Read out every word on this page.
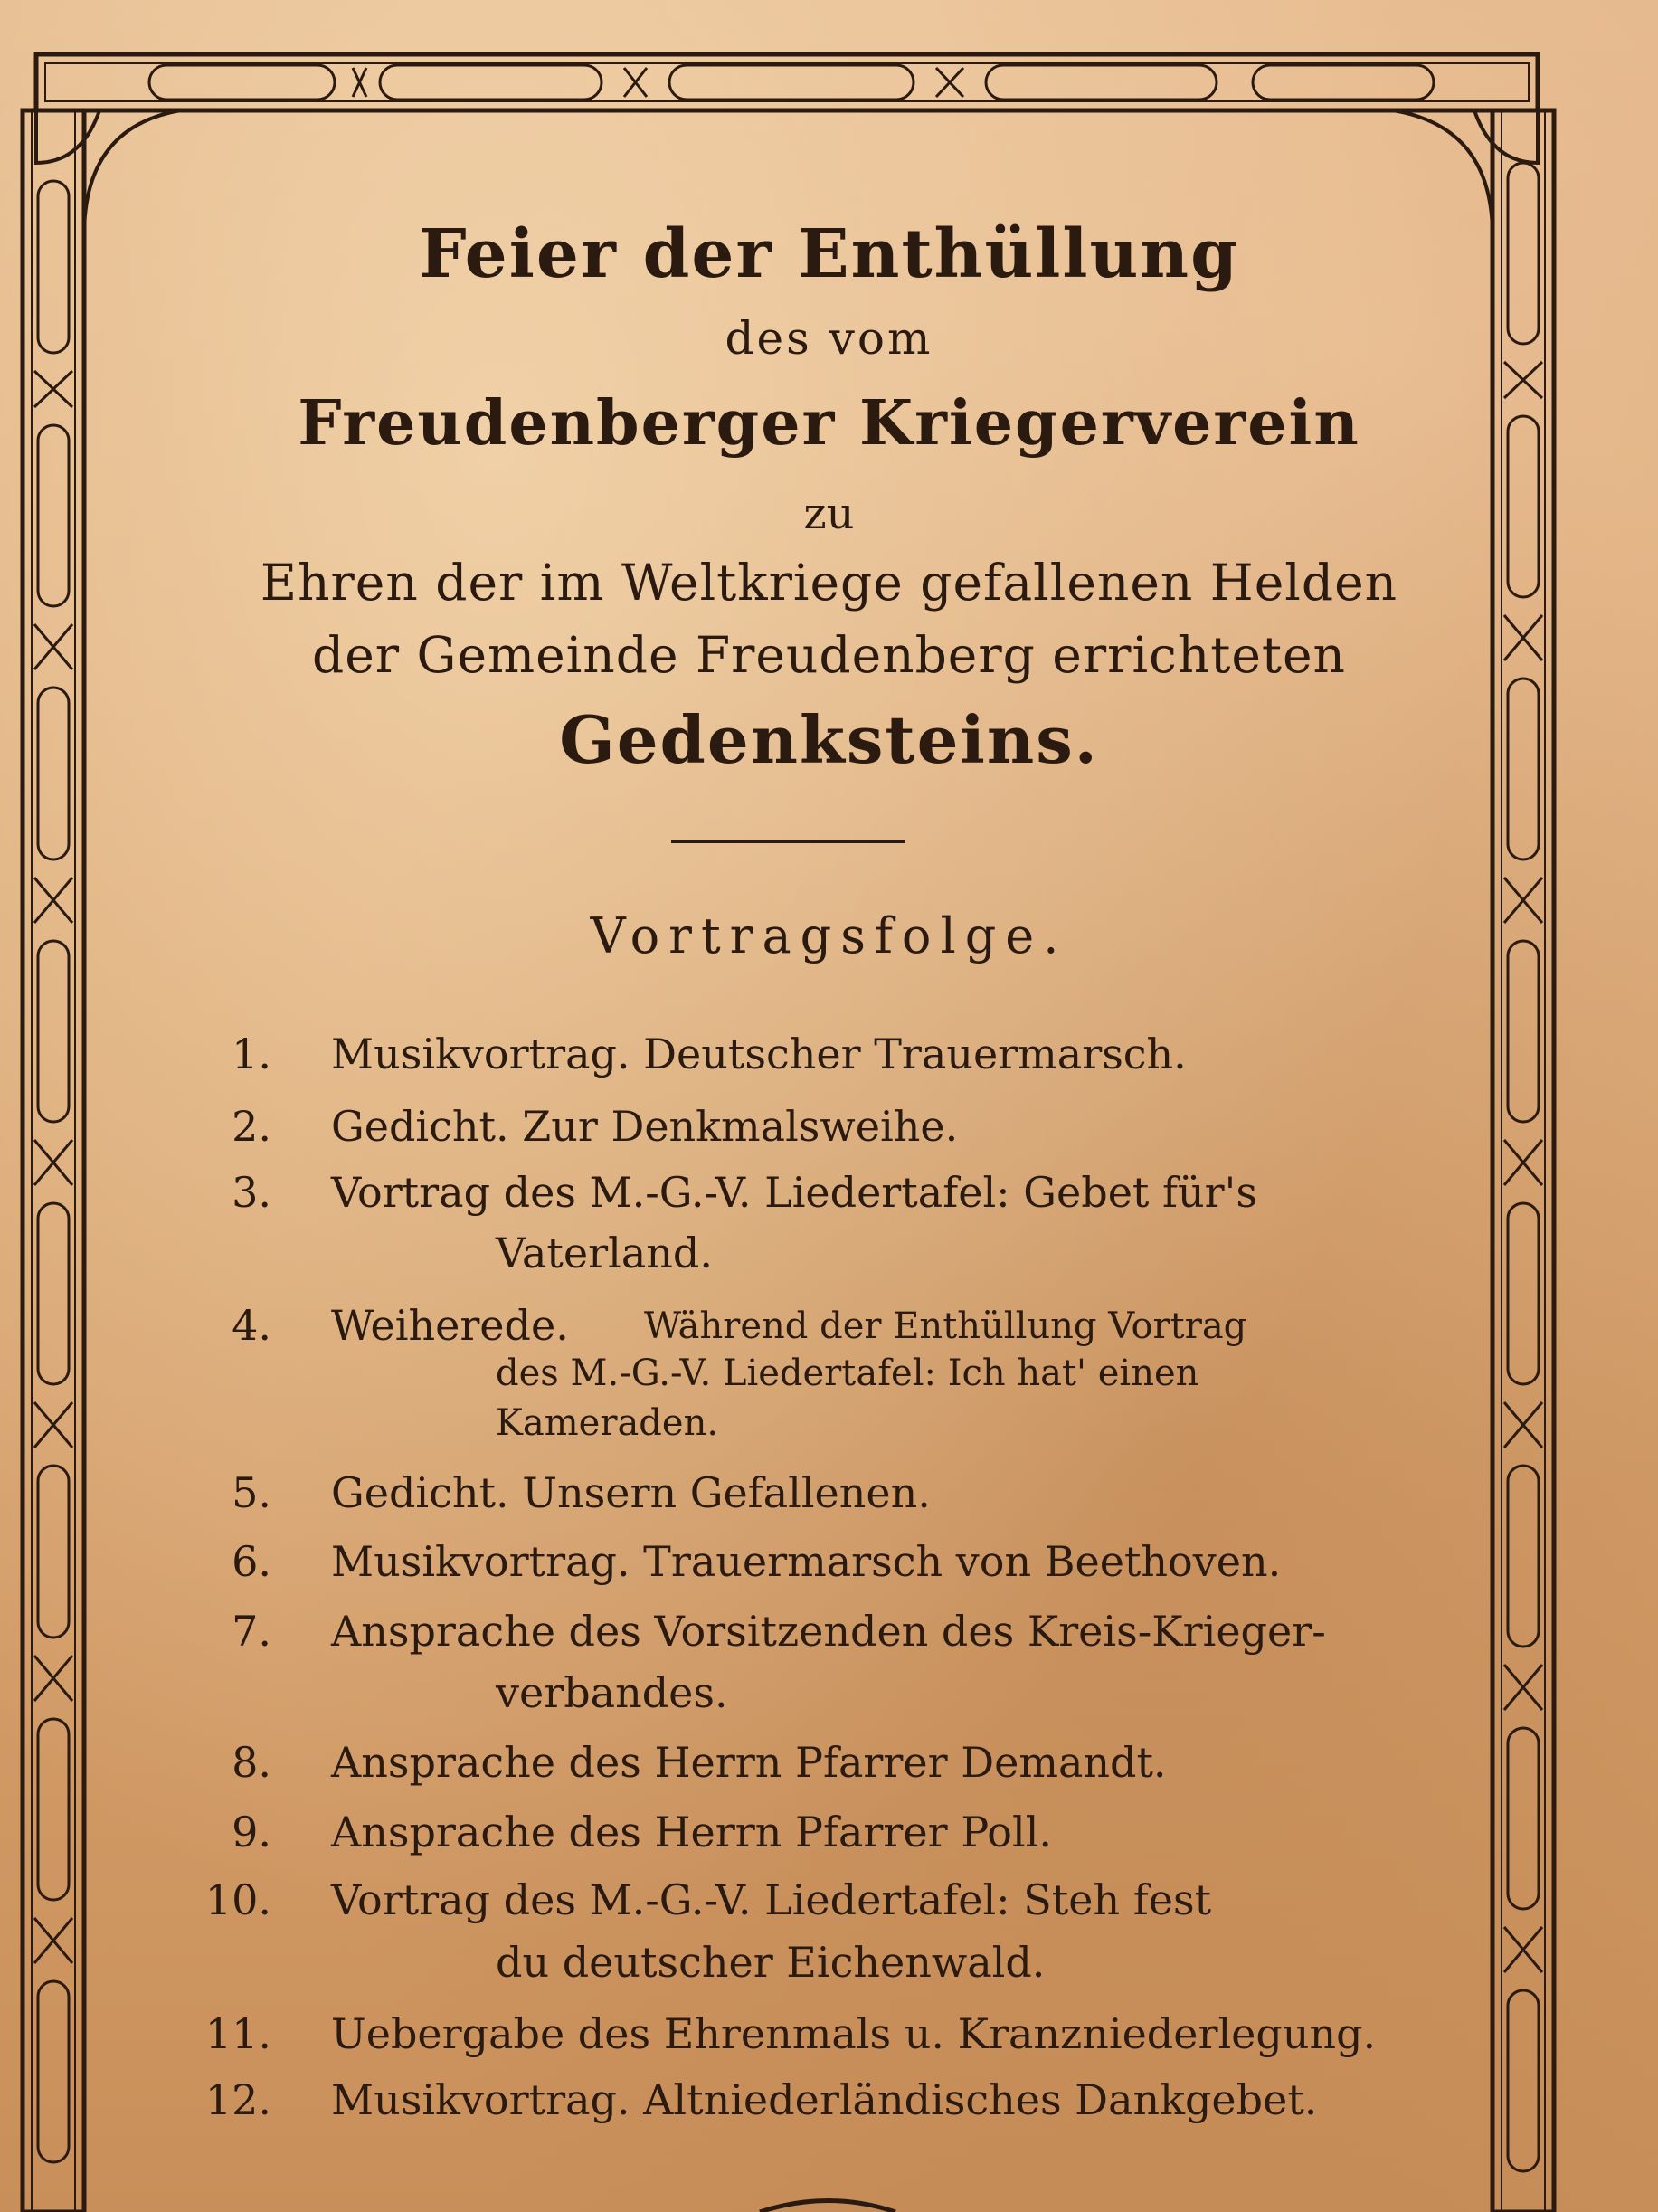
Feier der Enthüllung

des vom

Freudenberger Kriegerverein

zu

Ehren der im Weltkriege gefallenen Helden

der Gemeinde Freudenberg errichteten

Gedenksteins.

Vortragsfolge.

1. Musikvortrag. Deutscher Trauermarsch.
2. Gedicht. Zur Denkmalsweihe.
3. Vortrag des M.-G.-V. Liedertafel: Gebet für's
Vaterland.
4. Weiherede. Während der Enthüllung Vortrag
des M.-G.-V. Liedertafel: Ich hat' einen
Kameraden.
5. Gedicht. Unsern Gefallenen.
6. Musikvortrag. Trauermarsch von Beethoven.
7. Ansprache des Vorsitzenden des Kreis-Krieger-
verbandes.
8. Ansprache des Herrn Pfarrer Demandt.
9. Ansprache des Herrn Pfarrer Poll.
10. Vortrag des M.-G.-V. Liedertafel: Steh fest
du deutscher Eichenwald.
11. Uebergabe des Ehrenmals u. Kranzniederlegung.
12. Musikvortrag. Altniederländisches Dankgebet.
